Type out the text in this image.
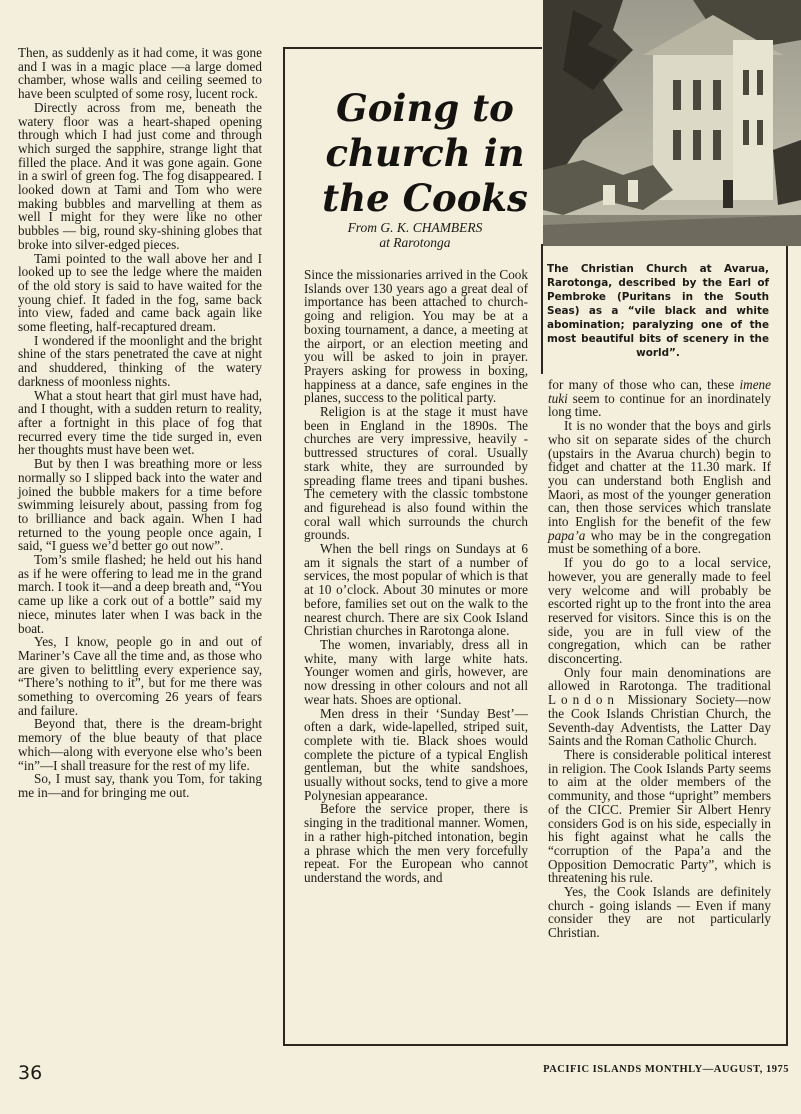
Then, as suddenly as it had come, it was gone and I was in a magic place —a large domed chamber, whose walls and ceiling seemed to have been sculpted of some rosy, lucent rock.

Directly across from me, beneath the watery floor was a heart-shaped opening through which I had just come and through which surged the sapphire, strange light that filled the place. And it was gone again. Gone in a swirl of green fog. The fog disappeared. I looked down at Tami and Tom who were making bubbles and marvelling at them as well I might for they were like no other bubbles — big, round sky-shining globes that broke into silver-edged pieces.

Tami pointed to the wall above her and I looked up to see the ledge where the maiden of the old story is said to have waited for the young chief. It faded in the fog, same back into view, faded and came back again like some fleeting, half-recaptured dream.

I wondered if the moonlight and the bright shine of the stars penetrated the cave at night and shuddered, thinking of the watery darkness of moonless nights.

What a stout heart that girl must have had, and I thought, with a sudden return to reality, after a fortnight in this place of fog that recurred every time the tide surged in, even her thoughts must have been wet.

But by then I was breathing more or less normally so I slipped back into the water and joined the bubble makers for a time before swimming leisurely about, passing from fog to brilliance and back again. When I had returned to the young people once again, I said, “I guess we’d better go out now”.

Tom’s smile flashed; he held out his hand as if he were offering to lead me in the grand march. I took it—and a deep breath and, “You came up like a cork out of a bottle” said my niece, minutes later when I was back in the boat.

Yes, I know, people go in and out of Mariner’s Cave all the time and, as those who are given to belittling every experience say, “There’s nothing to it”, but for me there was something to overcoming 26 years of fears and failure.

Beyond that, there is the dream-bright memory of the blue beauty of that place which—along with everyone else who’s been “in”—I shall treasure for the rest of my life.

So, I must say, thank you Tom, for taking me in—and for bringing me out.

Going to church in the Cooks
From G. K. CHAMBERS
at Rarotonga
The Christian Church at Avarua, Rarotonga, described by the Earl of Pembroke (Puritans in the South Seas) as a “vile black and white abomination; paralyzing one of the most beautiful bits of scenery in the world”.

Since the missionaries arrived in the Cook Islands over 130 years ago a great deal of importance has been attached to church-going and religion. You may be at a boxing tournament, a dance, a meeting at the airport, or an election meeting and you will be asked to join in prayer. Prayers asking for prowess in boxing, happiness at a dance, safe engines in the planes, success to the political party.

Religion is at the stage it must have been in England in the 1890s. The churches are very impressive, heavily - buttressed structures of coral. Usually stark white, they are surrounded by spreading flame trees and tipani bushes. The cemetery with the classic tombstone and figurehead is also found within the coral wall which surrounds the church grounds.

When the bell rings on Sundays at 6 am it signals the start of a number of services, the most popular of which is that at 10 o’clock. About 30 minutes or more before, families set out on the walk to the nearest church. There are six Cook Island Christian churches in Rarotonga alone.

The women, invariably, dress all in white, many with large white hats. Younger women and girls, however, are now dressing in other colours and not all wear hats. Shoes are optional.

Men dress in their ‘Sunday Best’—often a dark, wide-lapelled, striped suit, complete with tie. Black shoes would complete the picture of a typical English gentleman, but the white sandshoes, usually without socks, tend to give a more Polynesian appearance.

Before the service proper, there is singing in the traditional manner. Women, in a rather high-pitched intonation, begin a phrase which the men very forcefully repeat. For the European who cannot understand the words, and

for many of those who can, these imene tuki seem to continue for an inordinately long time.

It is no wonder that the boys and girls who sit on separate sides of the church (upstairs in the Avarua church) begin to fidget and chatter at the 11.30 mark. If you can understand both English and Maori, as most of the younger generation can, then those services which translate into English for the benefit of the few papa’a who may be in the congregation must be something of a bore.

If you do go to a local service, however, you are generally made to feel very welcome and will probably be escorted right up to the front into the area reserved for visitors. Since this is on the side, you are in full view of the congregation, which can be rather disconcerting.

Only four main denominations are allowed in Rarotonga. The traditional London Missionary Society—now the Cook Islands Christian Church, the Seventh-day Adventists, the Latter Day Saints and the Roman Catholic Church.

There is considerable political interest in religion. The Cook Islands Party seems to aim at the older members of the community, and those “upright” members of the CICC. Premier Sir Albert Henry considers God is on his side, especially in his fight against what he calls the “corruption of the Papa’a and the Opposition Democratic Party”, which is threatening his rule.

Yes, the Cook Islands are definitely church - going islands — Even if many consider they are not particularly Christian.

36	PACIFIC ISLANDS MONTHLY—AUGUST, 1975
